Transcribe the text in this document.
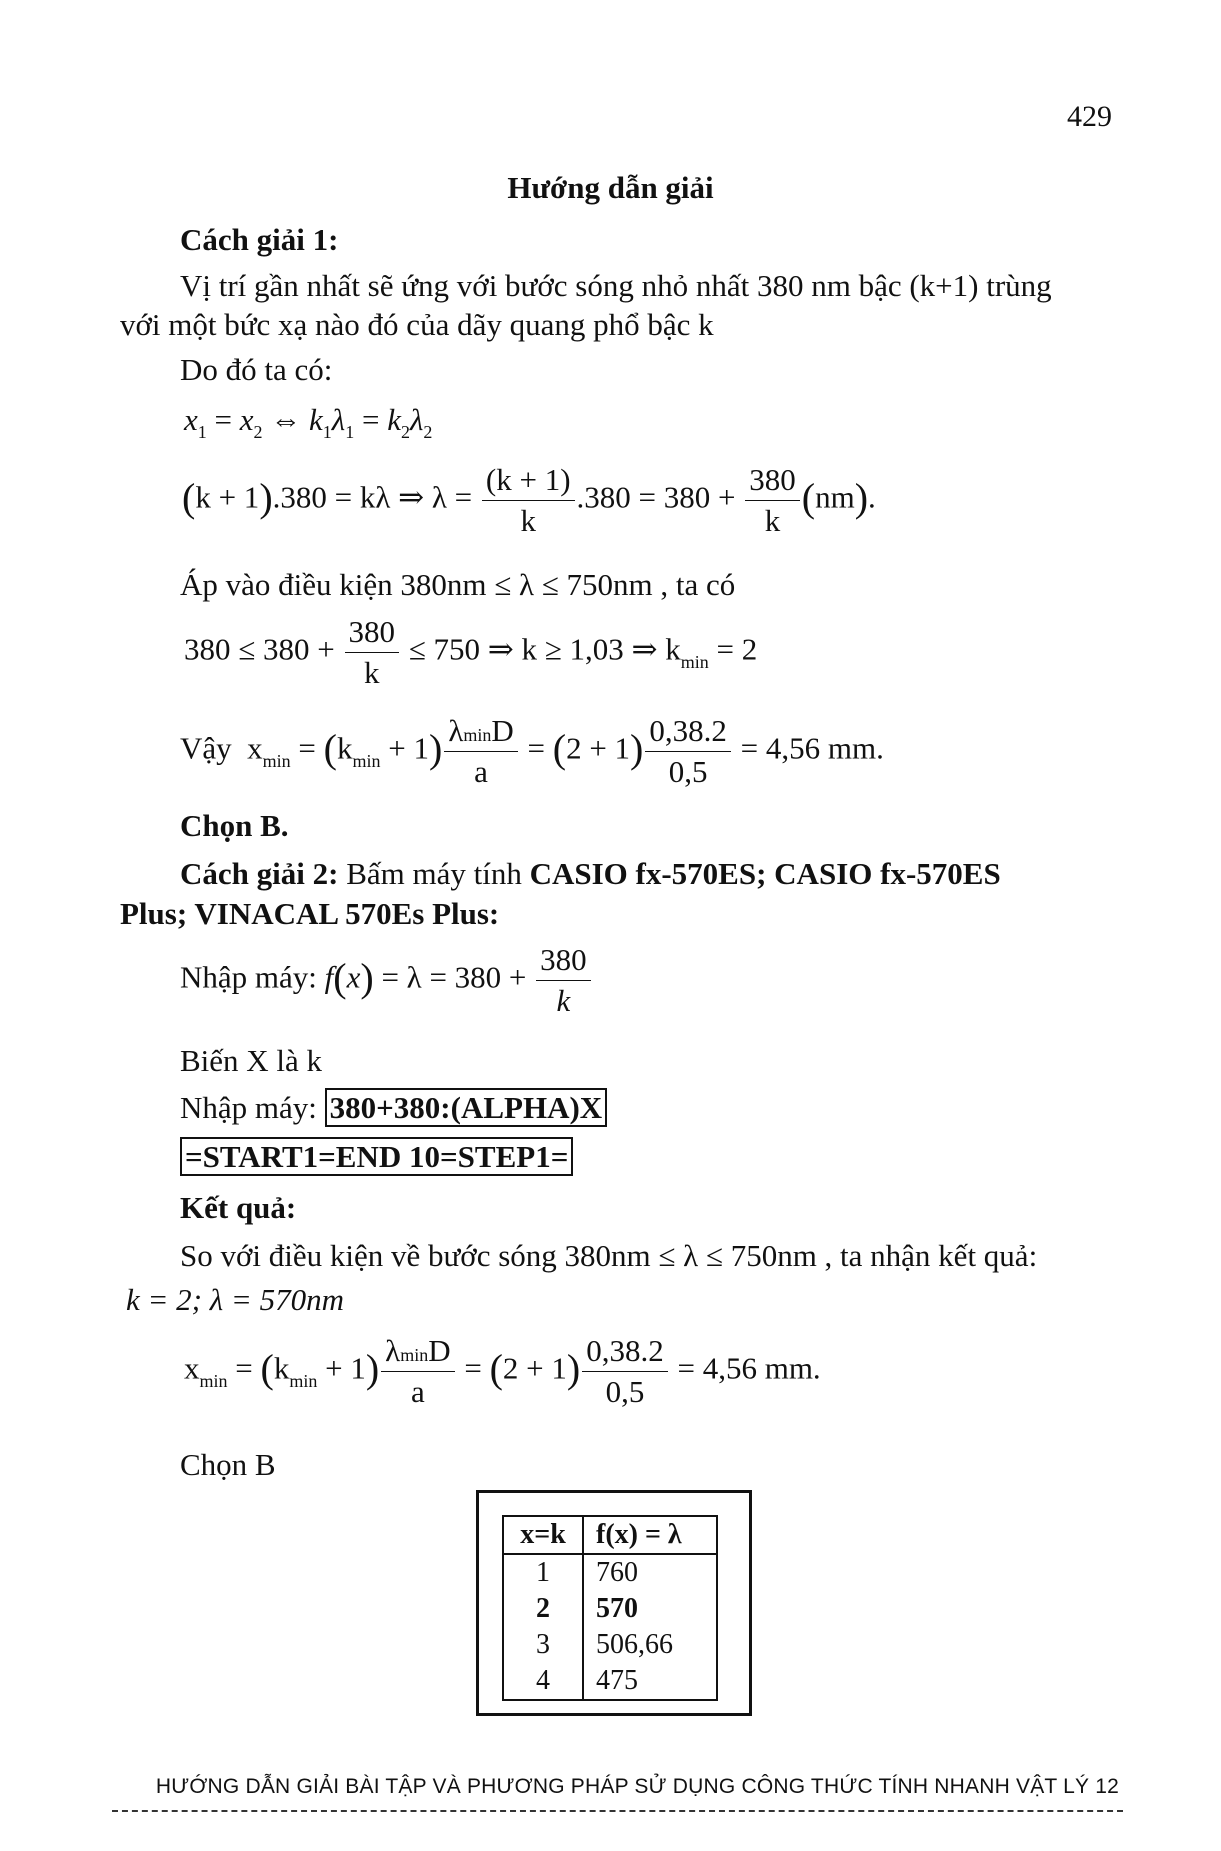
429
Hướng dẫn giải
Cách giải 1:
Vị trí gần nhất sẽ ứng với bước sóng nhỏ nhất 380 nm bậc (k+1) trùng
với một bức xạ nào đó của dãy quang phổ bậc k
Do đó ta có:
$x_1 = x_2$ ⇔ $k_1\lambda_1 = k_2\lambda_2$
(k + 1).380 = kλ ⇒ $\lambda = \frac{(k + 1)}{k} .380 = 380 + \frac{380}{k} (nm)$.
Áp vào điều kiện 380nm ≤ λ ≤ 750nm , ta có
$380 \le 380 + \frac{380}{k} \le 750$ ⇒ k ≥ 1,03 ⇒ $k_{min} = 2$
Vậy $x_{min} = (k_{min} + 1) \frac{\lambda\min D}{a} = (2 + 1) \frac{0,38.2}{0,5} = 4,56$ mm.
Chọn B.
Cách giải 2: Bấm máy tính CASIO fx-570ES; CASIO fx-570ES
Plus; VINACAL 570Es Plus:
Nhập máy: $f(x) = \lambda = 380 + \frac{380}{k}$
Biến X là k
Nhập máy: 380+380:(ALPHA)X
=START1=END 10=STEP1=
Kết quả:
So với điều kiện về bước sóng 380nm ≤ λ ≤ 750nm , ta nhận kết quả:
k = 2; λ = 570nm
$x_{min} = (k_{min} + 1) \frac{\lambda\min D}{a} = (2 + 1) \frac{0,38.2}{0,5} = 4,56$ mm.
Chọn B
x=k	f(x) = λ
1	760
2	570
3	506,66
4	475
HƯỚNG DẪN GIẢI BÀI TẬP VÀ PHƯƠNG PHÁP SỬ DỤNG CÔNG THỨC TÍNH NHANH VẬT LÝ 12
